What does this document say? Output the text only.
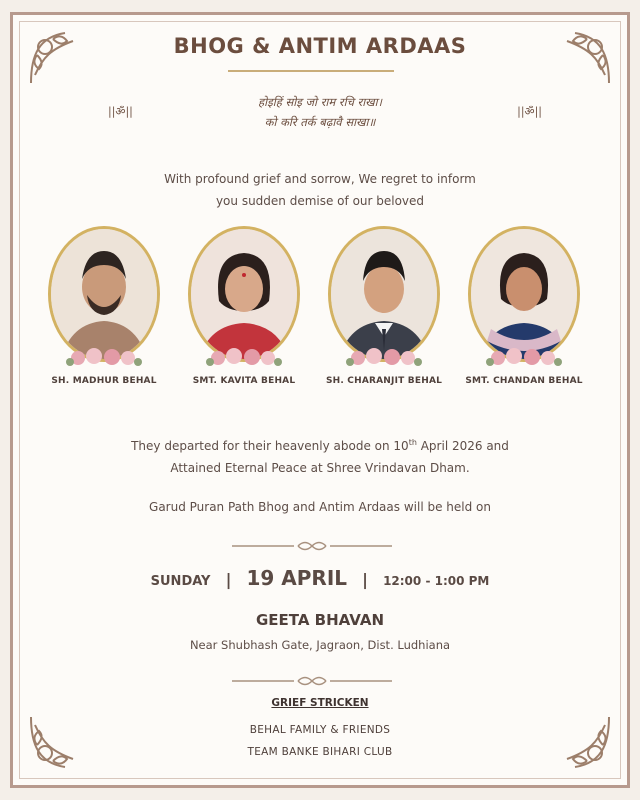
BHOG & ANTIM ARDAAS
||ॐ||
होइहिं सोइ जो राम रचि राखा।
को करि तर्क बढ़ावै साखा॥
||ॐ||
With profound grief and sorrow, We regret to inform
you sudden demise of our beloved
SH. MADHUR BEHAL	SMT. KAVITA BEHAL	SH. CHARANJIT BEHAL	SMT. CHANDAN BEHAL
They departed for their heavenly abode on 10th April 2026 and
Attained Eternal Peace at Shree Vrindavan Dham.
Garud Puran Path Bhog and Antim Ardaas will be held on
SUNDAY | 19 APRIL | 12:00 - 1:00 PM
GEETA BHAVAN
Near Shubhash Gate, Jagraon, Dist. Ludhiana
GRIEF STRICKEN
BEHAL FAMILY & FRIENDS
TEAM BANKE BIHARI CLUB
